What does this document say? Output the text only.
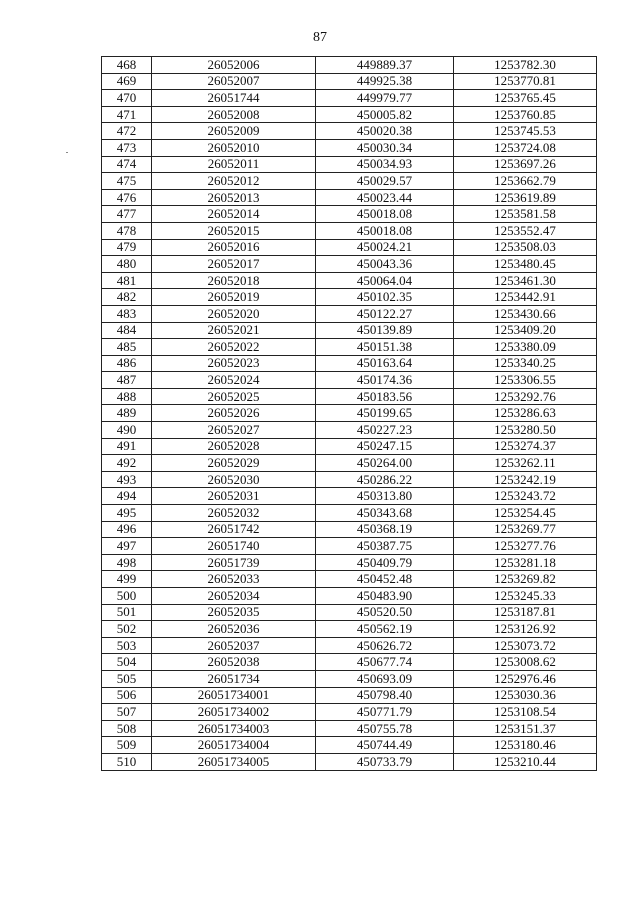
87
468	26052006	449889.37	1253782.30
469	26052007	449925.38	1253770.81
470	26051744	449979.77	1253765.45
471	26052008	450005.82	1253760.85
472	26052009	450020.38	1253745.53
473	26052010	450030.34	1253724.08
474	26052011	450034.93	1253697.26
475	26052012	450029.57	1253662.79
476	26052013	450023.44	1253619.89
477	26052014	450018.08	1253581.58
478	26052015	450018.08	1253552.47
479	26052016	450024.21	1253508.03
480	26052017	450043.36	1253480.45
481	26052018	450064.04	1253461.30
482	26052019	450102.35	1253442.91
483	26052020	450122.27	1253430.66
484	26052021	450139.89	1253409.20
485	26052022	450151.38	1253380.09
486	26052023	450163.64	1253340.25
487	26052024	450174.36	1253306.55
488	26052025	450183.56	1253292.76
489	26052026	450199.65	1253286.63
490	26052027	450227.23	1253280.50
491	26052028	450247.15	1253274.37
492	26052029	450264.00	1253262.11
493	26052030	450286.22	1253242.19
494	26052031	450313.80	1253243.72
495	26052032	450343.68	1253254.45
496	26051742	450368.19	1253269.77
497	26051740	450387.75	1253277.76
498	26051739	450409.79	1253281.18
499	26052033	450452.48	1253269.82
500	26052034	450483.90	1253245.33
501	26052035	450520.50	1253187.81
502	26052036	450562.19	1253126.92
503	26052037	450626.72	1253073.72
504	26052038	450677.74	1253008.62
505	26051734	450693.09	1252976.46
506	26051734001	450798.40	1253030.36
507	26051734002	450771.79	1253108.54
508	26051734003	450755.78	1253151.37
509	26051734004	450744.49	1253180.46
510	26051734005	450733.79	1253210.44
